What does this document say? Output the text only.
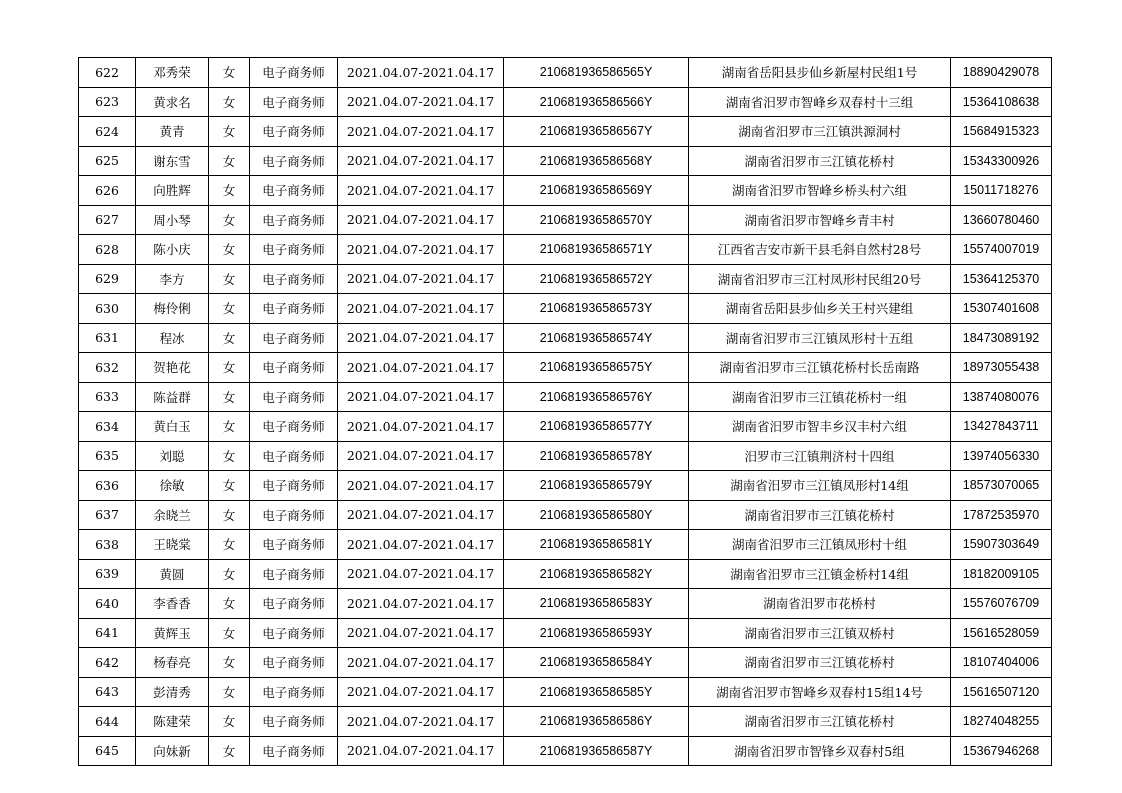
622	邓秀荣	女	电子商务师	2021.04.07-2021.04.17	210681936586565Y	湖南省岳阳县步仙乡新屋村民组1号	18890429078
623	黄求名	女	电子商务师	2021.04.07-2021.04.17	210681936586566Y	湖南省汨罗市智峰乡双春村十三组	15364108638
624	黄青	女	电子商务师	2021.04.07-2021.04.17	210681936586567Y	湖南省汨罗市三江镇洪源洞村	15684915323
625	谢东雪	女	电子商务师	2021.04.07-2021.04.17	210681936586568Y	湖南省汨罗市三江镇花桥村	15343300926
626	向胜辉	女	电子商务师	2021.04.07-2021.04.17	210681936586569Y	湖南省汨罗市智峰乡桥头村六组	15011718276
627	周小琴	女	电子商务师	2021.04.07-2021.04.17	210681936586570Y	湖南省汨罗市智峰乡青丰村	13660780460
628	陈小庆	女	电子商务师	2021.04.07-2021.04.17	210681936586571Y	江西省吉安市新干县毛斜自然村28号	15574007019
629	李方	女	电子商务师	2021.04.07-2021.04.17	210681936586572Y	湖南省汨罗市三江村凤形村民组20号	15364125370
630	梅伶俐	女	电子商务师	2021.04.07-2021.04.17	210681936586573Y	湖南省岳阳县步仙乡关王村兴建组	15307401608
631	程冰	女	电子商务师	2021.04.07-2021.04.17	210681936586574Y	湖南省汨罗市三江镇凤形村十五组	18473089192
632	贺艳花	女	电子商务师	2021.04.07-2021.04.17	210681936586575Y	湖南省汨罗市三江镇花桥村长岳南路	18973055438
633	陈益群	女	电子商务师	2021.04.07-2021.04.17	210681936586576Y	湖南省汨罗市三江镇花桥村一组	13874080076
634	黄白玉	女	电子商务师	2021.04.07-2021.04.17	210681936586577Y	湖南省汨罗市智丰乡汉丰村六组	13427843711
635	刘聪	女	电子商务师	2021.04.07-2021.04.17	210681936586578Y	汨罗市三江镇荆济村十四组	13974056330
636	徐敏	女	电子商务师	2021.04.07-2021.04.17	210681936586579Y	湖南省汨罗市三江镇凤形村14组	18573070065
637	余晓兰	女	电子商务师	2021.04.07-2021.04.17	210681936586580Y	湖南省汨罗市三江镇花桥村	17872535970
638	王晓棠	女	电子商务师	2021.04.07-2021.04.17	210681936586581Y	湖南省汨罗市三江镇凤形村十组	15907303649
639	黄圆	女	电子商务师	2021.04.07-2021.04.17	210681936586582Y	湖南省汨罗市三江镇金桥村14组	18182009105
640	李香香	女	电子商务师	2021.04.07-2021.04.17	210681936586583Y	湖南省汨罗市花桥村	15576076709
641	黄辉玉	女	电子商务师	2021.04.07-2021.04.17	210681936586593Y	湖南省汨罗市三江镇双桥村	15616528059
642	杨春亮	女	电子商务师	2021.04.07-2021.04.17	210681936586584Y	湖南省汨罗市三江镇花桥村	18107404006
643	彭清秀	女	电子商务师	2021.04.07-2021.04.17	210681936586585Y	湖南省汨罗市智峰乡双春村15组14号	15616507120
644	陈建荣	女	电子商务师	2021.04.07-2021.04.17	210681936586586Y	湖南省汨罗市三江镇花桥村	18274048255
645	向妹新	女	电子商务师	2021.04.07-2021.04.17	210681936586587Y	湖南省汨罗市智锋乡双春村5组	15367946268
